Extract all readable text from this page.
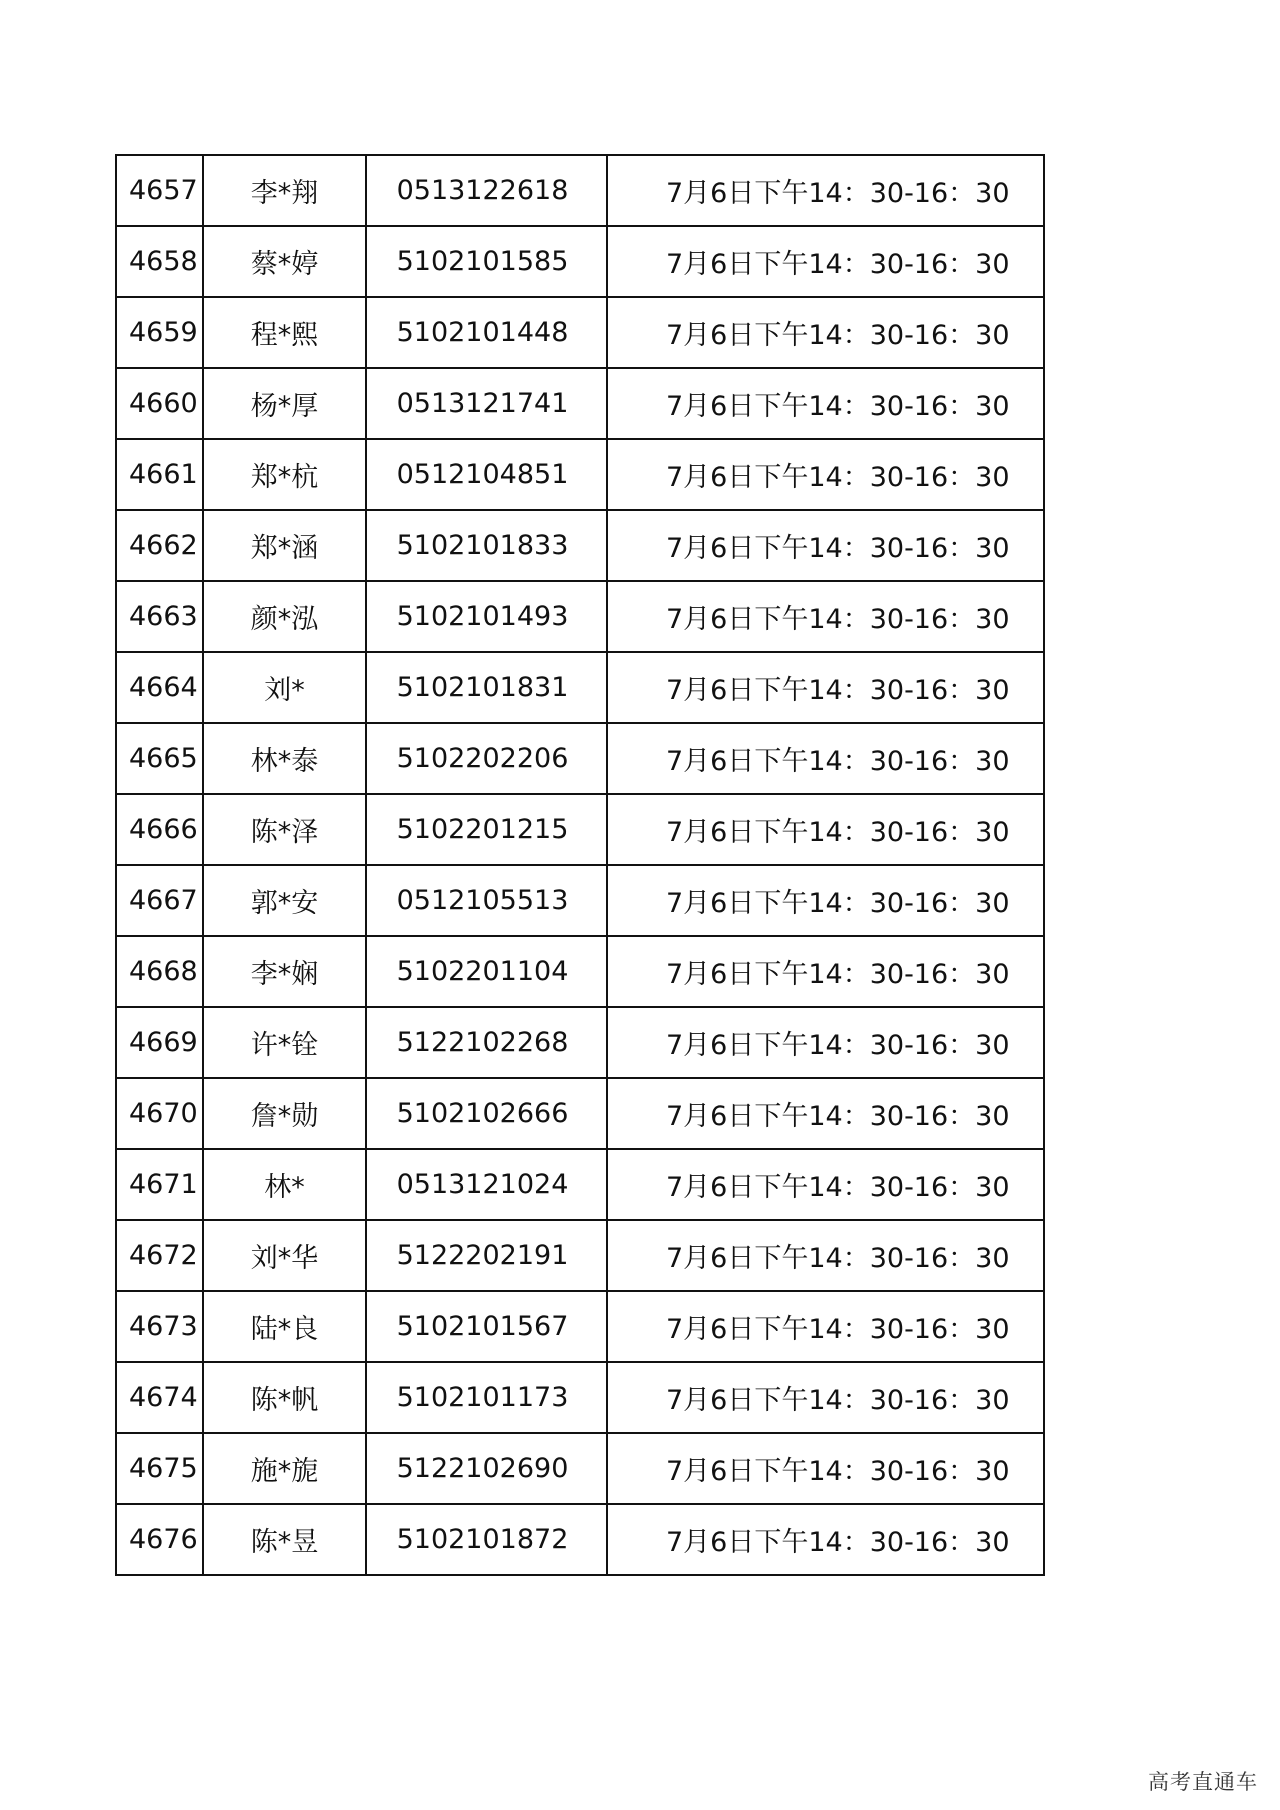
4657	李*翔	0513122618	7月6日下午14：30-16：30
4658	蔡*婷	5102101585	7月6日下午14：30-16：30
4659	程*熙	5102101448	7月6日下午14：30-16：30
4660	杨*厚	0513121741	7月6日下午14：30-16：30
4661	郑*杭	0512104851	7月6日下午14：30-16：30
4662	郑*涵	5102101833	7月6日下午14：30-16：30
4663	颜*泓	5102101493	7月6日下午14：30-16：30
4664	刘*	5102101831	7月6日下午14：30-16：30
4665	林*泰	5102202206	7月6日下午14：30-16：30
4666	陈*泽	5102201215	7月6日下午14：30-16：30
4667	郭*安	0512105513	7月6日下午14：30-16：30
4668	李*娴	5102201104	7月6日下午14：30-16：30
4669	许*铨	5122102268	7月6日下午14：30-16：30
4670	詹*勋	5102102666	7月6日下午14：30-16：30
4671	林*	0513121024	7月6日下午14：30-16：30
4672	刘*华	5122202191	7月6日下午14：30-16：30
4673	陆*良	5102101567	7月6日下午14：30-16：30
4674	陈*帆	5102101173	7月6日下午14：30-16：30
4675	施*旎	5122102690	7月6日下午14：30-16：30
4676	陈*昱	5102101872	7月6日下午14：30-16：30
高考直通车
